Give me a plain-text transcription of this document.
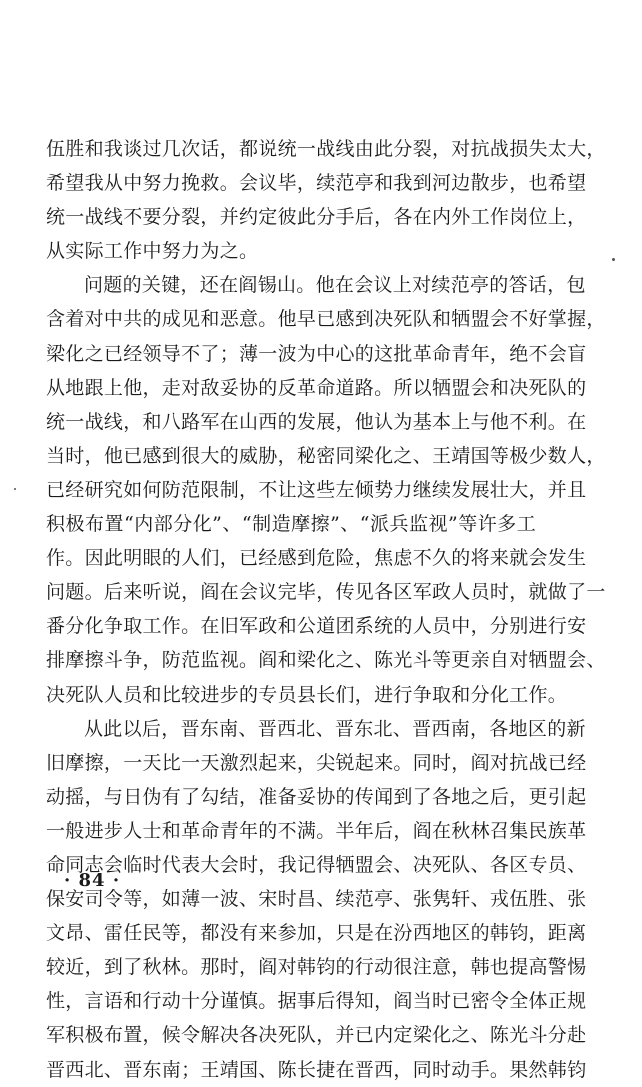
伍胜和我谈过几次话，都说统一战线由此分裂，对抗战损失太大，
希望我从中努力挽救。会议毕，续范亭和我到河边散步，也希望
统一战线不要分裂，并约定彼此分手后，各在内外工作岗位上，
从实际工作中努力为之。
问题的关键，还在阎锡山。他在会议上对续范亭的答话，包
含着对中共的成见和恶意。他早已感到决死队和牺盟会不好掌握，
梁化之已经领导不了；薄一波为中心的这批革命青年，绝不会盲
从地跟上他，走对敌妥协的反革命道路。所以牺盟会和决死队的
统一战线，和八路军在山西的发展，他认为基本上与他不利。在
当时，他已感到很大的威胁，秘密同梁化之、王靖国等极少数人，
已经研究如何防范限制，不让这些左倾势力继续发展壮大，并且
积极布置“内部分化”、“制造摩擦”、“派兵监视”等许多工
作。因此明眼的人们，已经感到危险，焦虑不久的将来就会发生
问题。后来听说，阎在会议完毕，传见各区军政人员时，就做了一
番分化争取工作。在旧军政和公道团系统的人员中，分别进行安
排摩擦斗争，防范监视。阎和梁化之、陈光斗等更亲自对牺盟会、
决死队人员和比较进步的专员县长们，进行争取和分化工作。
从此以后，晋东南、晋西北、晋东北、晋西南，各地区的新
旧摩擦，一天比一天激烈起来，尖锐起来。同时，阎对抗战已经
动摇，与日伪有了勾结，准备妥协的传闻到了各地之后，更引起
一般进步人士和革命青年的不满。半年后，阎在秋林召集民族革
命同志会临时代表大会时，我记得牺盟会、决死队、各区专员、
保安司令等，如薄一波、宋时昌、续范亭、张隽轩、戎伍胜、张
文昂、雷任民等，都没有来参加，只是在汾西地区的韩钧，距离
较近，到了秋林。那时，阎对韩钧的行动很注意，韩也提高警惕
性，言语和行动十分谨慎。据事后得知，阎当时已密令全体正规
军积极布置，候令解决各决死队，并已内定梁化之、陈光斗分赴
晋西北、晋东南；王靖国、陈长捷在晋西，同时动手。果然韩钧
· 84 ·
